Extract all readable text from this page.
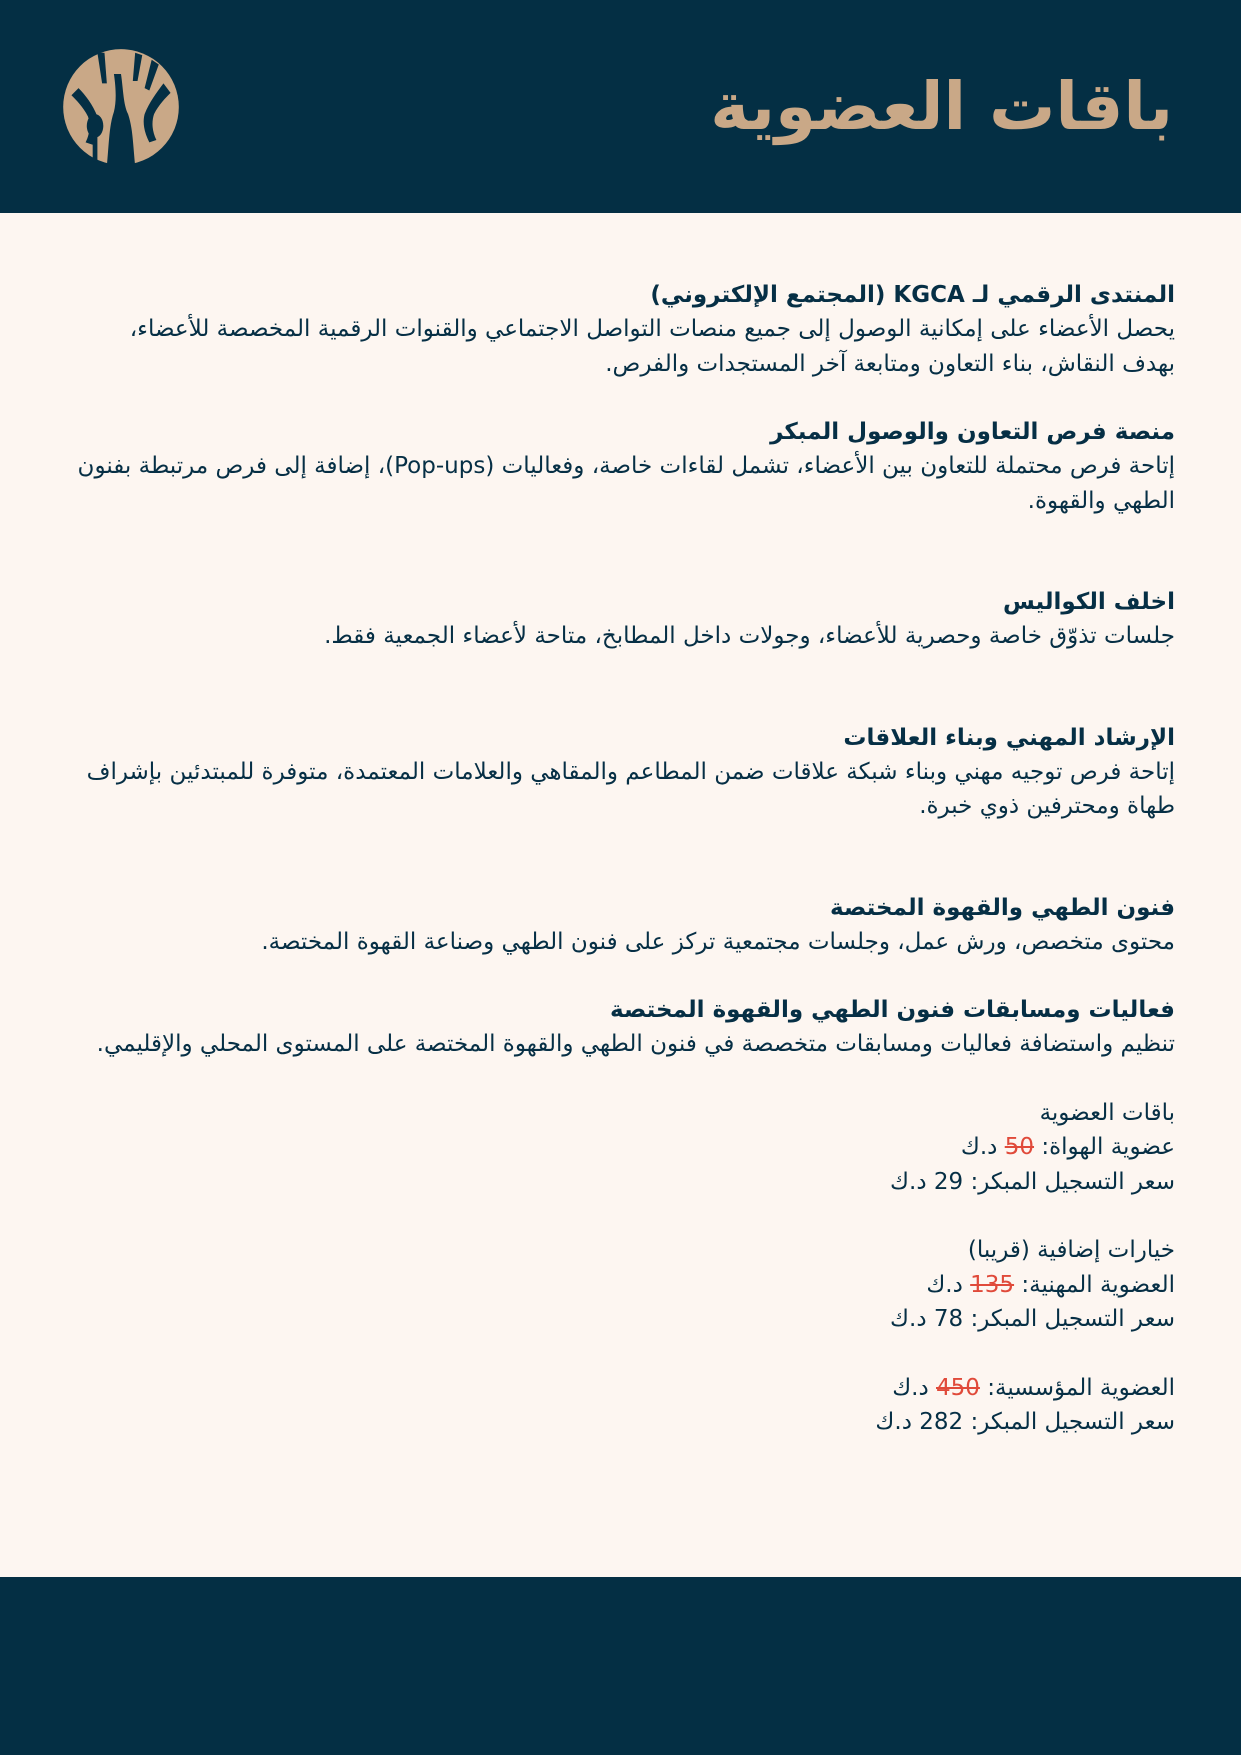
باقات العضوية

المنتدى الرقمي لـ KGCA (المجتمع الإلكتروني)

يحصل الأعضاء على إمكانية الوصول إلى جميع منصات التواصل الاجتماعي والقنوات الرقمية المخصصة للأعضاء، بهدف النقاش، بناء التعاون ومتابعة آخر المستجدات والفرص.

منصة فرص التعاون والوصول المبكر

إتاحة فرص محتملة للتعاون بين الأعضاء، تشمل لقاءات خاصة، وفعاليات (Pop-ups)، إضافة إلى فرص مرتبطة بفنون الطهي والقهوة.

اخلف الكواليس

جلسات تذوّق خاصة وحصرية للأعضاء، وجولات داخل المطابخ، متاحة لأعضاء الجمعية فقط.

الإرشاد المهني وبناء العلاقات

إتاحة فرص توجيه مهني وبناء شبكة علاقات ضمن المطاعم والمقاهي والعلامات المعتمدة، متوفرة للمبتدئين بإشراف طهاة ومحترفين ذوي خبرة.

فنون الطهي والقهوة المختصة

محتوى متخصص، ورش عمل، وجلسات مجتمعية تركز على فنون الطهي وصناعة القهوة المختصة.

فعاليات ومسابقات فنون الطهي والقهوة المختصة

تنظيم واستضافة فعاليات ومسابقات متخصصة في فنون الطهي والقهوة المختصة على المستوى المحلي والإقليمي.

باقات العضوية

عضوية الهواة: 50 د.ك

سعر التسجيل المبكر: 29 د.ك

خيارات إضافية (قريبا)

العضوية المهنية: 135 د.ك

سعر التسجيل المبكر: 78 د.ك

العضوية المؤسسية: 450 د.ك

سعر التسجيل المبكر: 282 د.ك
